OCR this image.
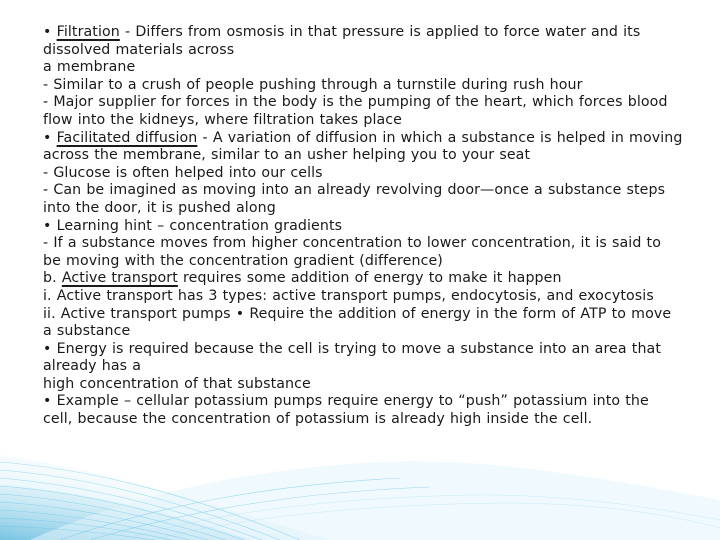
• Filtration - Differs from osmosis in that pressure is applied to force water and its dissolved materials across
a membrane
- Similar to a crush of people pushing through a turnstile during rush hour
- Major supplier for forces in the body is the pumping of the heart, which forces blood flow into the kidneys, where filtration takes place
• Facilitated diffusion - A variation of diffusion in which a substance is helped in moving across the membrane, similar to an usher helping you to your seat
- Glucose is often helped into our cells
- Can be imagined as moving into an already revolving door—once a substance steps into the door, it is pushed along
• Learning hint – concentration gradients
- If a substance moves from higher concentration to lower concentration, it is said to be moving with the concentration gradient (difference)
b. Active transport requires some addition of energy to make it happen
i. Active transport has 3 types: active transport pumps, endocytosis, and exocytosis
ii. Active transport pumps • Require the addition of energy in the form of ATP to move a substance
• Energy is required because the cell is trying to move a substance into an area that already has a
high concentration of that substance
• Example – cellular potassium pumps require energy to “push” potassium into the cell, because the concentration of potassium is already high inside the cell.
